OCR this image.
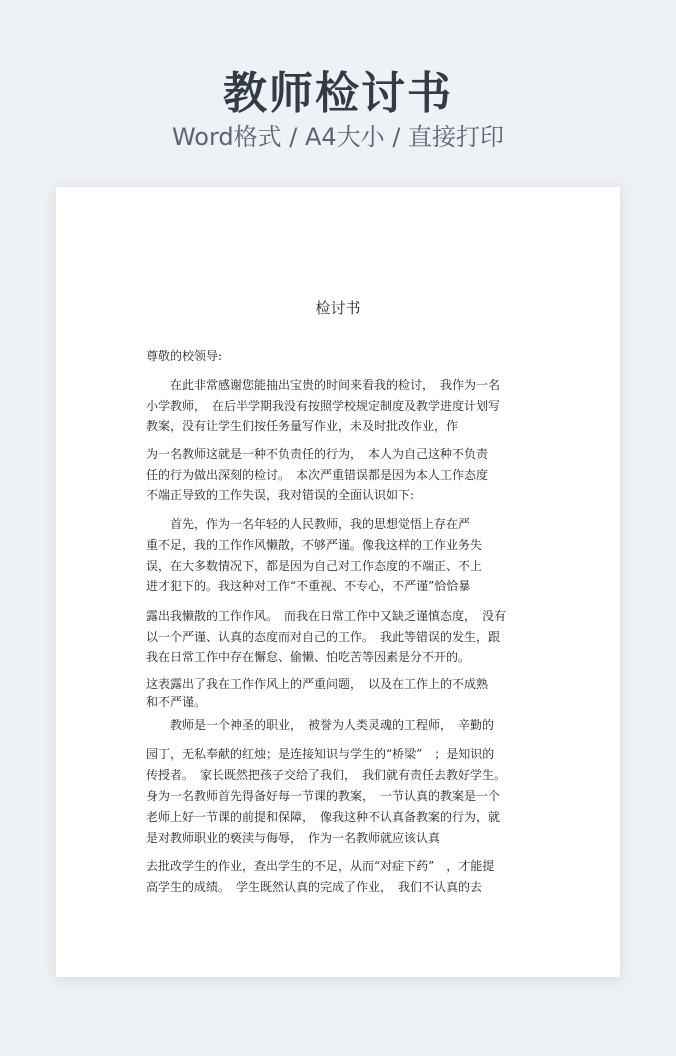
教师检讨书
Word格式 / A4大小 / 直接打印
检讨书
尊敬的校领导:
　　在此非常感谢您能抽出宝贵的时间来看我的检讨，　我作为一名
小学教师，　在后半学期我没有按照学校规定制度及教学进度计划写
教案，没有让学生们按任务量写作业，未及时批改作业，作
为一名教师这就是一种不负责任的行为，　本人为自己这种不负责
任的行为做出深刻的检讨。　本次严重错误都是因为本人工作态度
不端正导致的工作失误，我对错误的全面认识如下:
　　首先，作为一名年轻的人民教师，我的思想觉悟上存在严
重不足，我的工作作风懒散，不够严谨。像我这样的工作业务失
误，在大多数情况下，都是因为自己对工作态度的不端正、不上
进才犯下的。我这种对工作“不重视、不专心，不严谨”恰恰暴
露出我懒散的工作作风。　而我在日常工作中又缺乏谨慎态度，　没有
以一个严谨、认真的态度而对自己的工作。　我此等错误的发生，跟
我在日常工作中存在懈怠、偷懒、怕吃苦等因素是分不开的。
这表露出了我在工作作风上的严重问题，　以及在工作上的不成熟
和不严谨。
　　教师是一个神圣的职业，　被誉为人类灵魂的工程师，　辛勤的
园丁，无私奉献的红烛；是连接知识与学生的“桥梁”　；是知识的
传授者。　家长既然把孩子交给了我们，　我们就有责任去教好学生。
身为一名教师首先得备好每一节课的教案，　一节认真的教案是一个
老师上好一节课的前提和保障，　像我这种不认真备教案的行为，就
是对教师职业的亵渎与侮辱，　作为一名教师就应该认真
去批改学生的作业，查出学生的不足，从而“对症下药”　，才能提
高学生的成绩。　学生既然认真的完成了作业，　我们不认真的去
